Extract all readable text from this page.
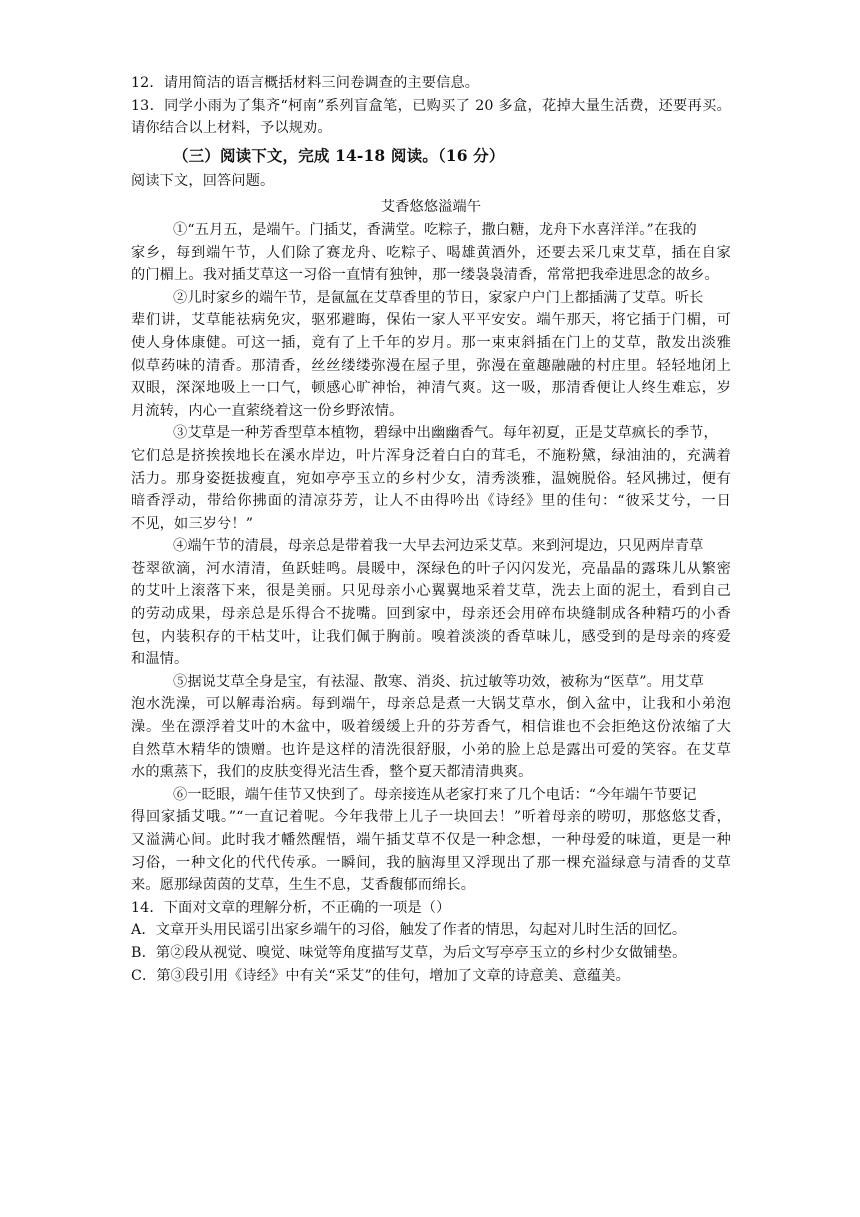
12．请用简洁的语言概括材料三问卷调查的主要信息。
13．同学小雨为了集齐“柯南”系列盲盒笔，已购买了 20 多盒，花掉大量生活费，还要再买。
请你结合以上材料，予以规劝。
（三）阅读下文，完成 14-18 阅读。（16 分）
阅读下文，回答问题。
艾香悠悠溢端午
①“五月五，是端午。门插艾，香满堂。吃粽子，撒白糖，龙舟下水喜洋洋。”在我的
家乡，每到端午节，人们除了赛龙舟、吃粽子、喝雄黄酒外，还要去采几束艾草，插在自家
的门楣上。我对插艾草这一习俗一直情有独钟，那一缕袅袅清香，常常把我牵进思念的故乡。
②儿时家乡的端午节，是氤氲在艾草香里的节日，家家户户门上都插满了艾草。听长
辈们讲，艾草能祛病免灾，驱邪避晦，保佑一家人平平安安。端午那天，将它插于门楣，可
使人身体康健。可这一插，竟有了上千年的岁月。那一束束斜插在门上的艾草，散发出淡雅
似草药味的清香。那清香，丝丝缕缕弥漫在屋子里，弥漫在童趣融融的村庄里。轻轻地闭上
双眼，深深地吸上一口气，顿感心旷神怡，神清气爽。这一吸，那清香便让人终生难忘，岁
月流转，内心一直萦绕着这一份乡野浓情。
③艾草是一种芳香型草本植物，碧绿中出幽幽香气。每年初夏，正是艾草疯长的季节，
它们总是挤挨挨地长在溪水岸边，叶片浑身泛着白白的茸毛，不施粉黛，绿油油的，充满着
活力。那身姿挺拔瘦直，宛如亭亭玉立的乡村少女，清秀淡雅，温婉脱俗。轻风拂过，便有
暗香浮动，带给你拂面的清凉芬芳，让人不由得吟出《诗经》里的佳句：“彼采艾兮，一日
不见，如三岁兮！”
④端午节的清晨，母亲总是带着我一大早去河边采艾草。来到河堤边，只见两岸青草
苍翠欲滴，河水清清，鱼跃蛙鸣。晨暖中，深绿色的叶子闪闪发光，亮晶晶的露珠儿从繁密
的艾叶上滚落下来，很是美丽。只见母亲小心翼翼地采着艾草，洗去上面的泥土，看到自己
的劳动成果，母亲总是乐得合不拢嘴。回到家中，母亲还会用碎布块缝制成各种精巧的小香
包，内装积存的干枯艾叶，让我们佩于胸前。嗅着淡淡的香草味儿，感受到的是母亲的疼爱
和温情。
⑤据说艾草全身是宝，有祛湿、散寒、消炎、抗过敏等功效，被称为“医草”。用艾草
泡水洗澡，可以解毒治病。每到端午，母亲总是煮一大锅艾草水，倒入盆中，让我和小弟泡
澡。坐在漂浮着艾叶的木盆中，吸着缓缓上升的芬芳香气，相信谁也不会拒绝这份浓缩了大
自然草木精华的馈赠。也许是这样的清洗很舒服，小弟的脸上总是露出可爱的笑容。在艾草
水的熏蒸下，我们的皮肤变得光洁生香，整个夏天都清清典爽。
⑥一眨眼，端午佳节又快到了。母亲接连从老家打来了几个电话：“今年端午节要记
得回家插艾哦。”“一直记着呢。今年我带上儿子一块回去！”听着母亲的唠叨，那悠悠艾香，
又溢满心间。此时我才幡然醒悟，端午插艾草不仅是一种念想，一种母爱的味道，更是一种
习俗，一种文化的代代传承。一瞬间，我的脑海里又浮现出了那一棵充溢绿意与清香的艾草
来。愿那绿茵茵的艾草，生生不息，艾香馥郁而绵长。
14．下面对文章的理解分析，不正确的一项是（）
A．文章开头用民谣引出家乡端午的习俗，触发了作者的情思，勾起对儿时生活的回忆。
B．第②段从视觉、嗅觉、味觉等角度描写艾草，为后文写亭亭玉立的乡村少女做铺垫。
C．第③段引用《诗经》中有关“采艾”的佳句，增加了文章的诗意美、意蕴美。
